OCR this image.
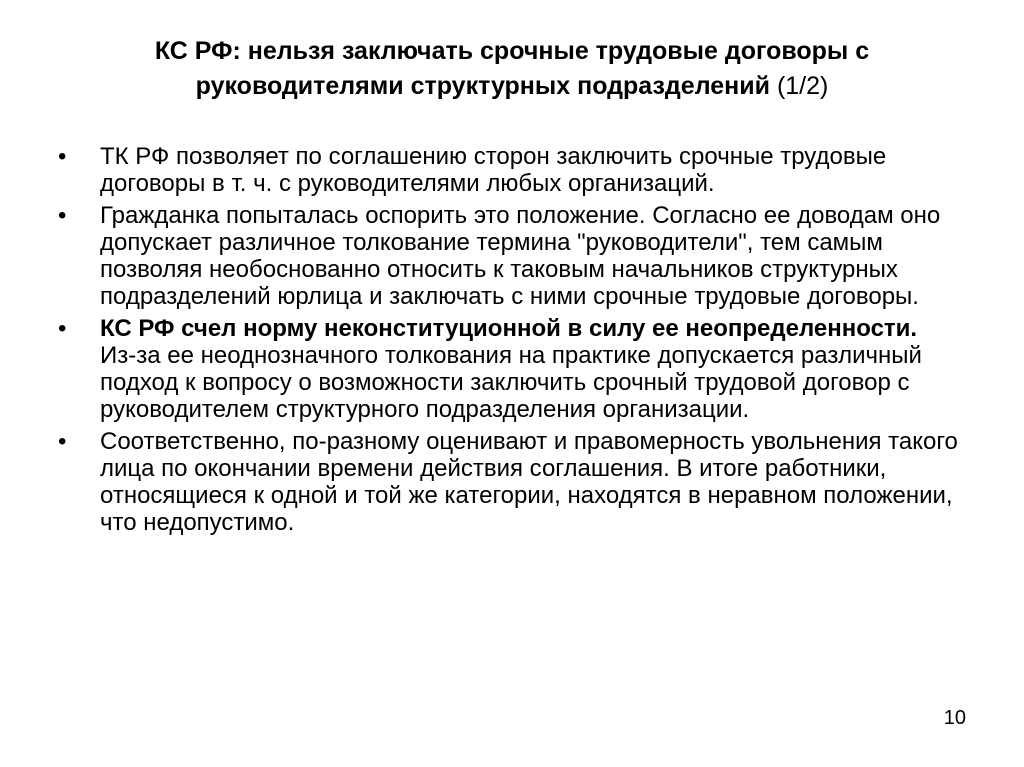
КС РФ: нельзя заключать срочные трудовые договоры с руководителями структурных подразделений (1/2)
•	ТК РФ позволяет по соглашению сторон заключить срочные трудовые договоры в т. ч. с руководителями любых организаций.
•	Гражданка попыталась оспорить это положение. Согласно ее доводам оно допускает различное толкование термина "руководители", тем самым позволяя необоснованно относить к таковым начальников структурных подразделений юрлица и заключать с ними срочные трудовые договоры.
•	КС РФ счел норму неконституционной в силу ее неопределенности.
Из-за ее неоднозначного толкования на практике допускается различный подход к вопросу о возможности заключить срочный трудовой договор с руководителем структурного подразделения организации.
•	Соответственно, по-разному оценивают и правомерность увольнения такого лица по окончании времени действия соглашения. В итоге работники, относящиеся к одной и той же категории, находятся в неравном положении, что недопустимо.
10
